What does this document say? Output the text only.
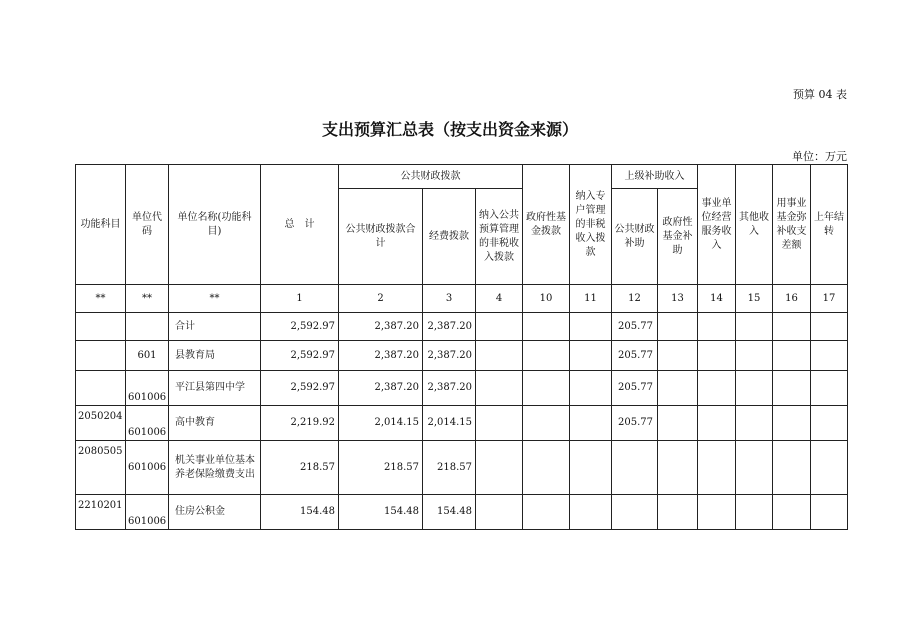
预算 04 表
支出预算汇总表（按支出资金来源）
单位：万元
功能科目	单位代码	单位名称(功能科目)	总　计	公共财政拨款			政府性基金拨款	纳入专户管理的非税收入拨款	上级补助收入		事业单位经营服务收入	其他收入	用事业基金弥补收支差额	上年结转
				公共财政拨款合计	经费拨款	纳入公共预算管理的非税收入拨款			公共财政补助	政府性基金补助				
**	**	**	1	2	3	4	10	11	12	13	14	15	16	17
		合计	2,592.97	2,387.20	2,387.20				205.77					
	601	县教育局	2,592.97	2,387.20	2,387.20				205.77					
	601006	平江县第四中学	2,592.97	2,387.20	2,387.20				205.77					
2050204	601006	高中教育	2,219.92	2,014.15	2,014.15				205.77					
2080505	601006	机关事业单位基本养老保险缴费支出	218.57	218.57	218.57									
2210201	601006	住房公积金	154.48	154.48	154.48									
